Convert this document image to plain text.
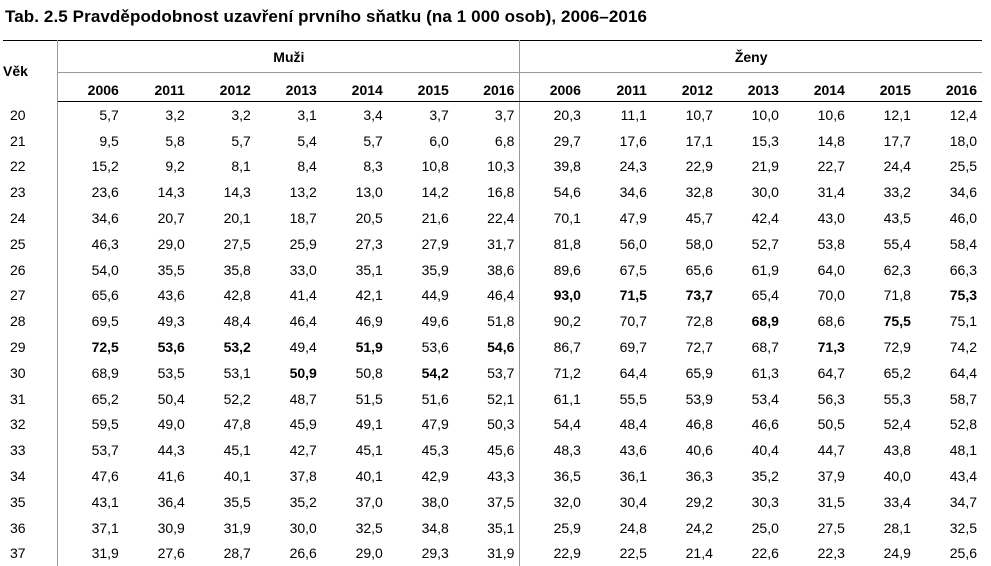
Tab. 2.5 Pravděpodobnost uzavření prvního sňatku (na 1 000 osob), 2006–2016
Věk	Muži							Ženy						
	2006	2011	2012	2013	2014	2015	2016	2006	2011	2012	2013	2014	2015	2016
20	5,7	3,2	3,2	3,1	3,4	3,7	3,7	20,3	11,1	10,7	10,0	10,6	12,1	12,4
21	9,5	5,8	5,7	5,4	5,7	6,0	6,8	29,7	17,6	17,1	15,3	14,8	17,7	18,0
22	15,2	9,2	8,1	8,4	8,3	10,8	10,3	39,8	24,3	22,9	21,9	22,7	24,4	25,5
23	23,6	14,3	14,3	13,2	13,0	14,2	16,8	54,6	34,6	32,8	30,0	31,4	33,2	34,6
24	34,6	20,7	20,1	18,7	20,5	21,6	22,4	70,1	47,9	45,7	42,4	43,0	43,5	46,0
25	46,3	29,0	27,5	25,9	27,3	27,9	31,7	81,8	56,0	58,0	52,7	53,8	55,4	58,4
26	54,0	35,5	35,8	33,0	35,1	35,9	38,6	89,6	67,5	65,6	61,9	64,0	62,3	66,3
27	65,6	43,6	42,8	41,4	42,1	44,9	46,4	93,0	71,5	73,7	65,4	70,0	71,8	75,3
28	69,5	49,3	48,4	46,4	46,9	49,6	51,8	90,2	70,7	72,8	68,9	68,6	75,5	75,1
29	72,5	53,6	53,2	49,4	51,9	53,6	54,6	86,7	69,7	72,7	68,7	71,3	72,9	74,2
30	68,9	53,5	53,1	50,9	50,8	54,2	53,7	71,2	64,4	65,9	61,3	64,7	65,2	64,4
31	65,2	50,4	52,2	48,7	51,5	51,6	52,1	61,1	55,5	53,9	53,4	56,3	55,3	58,7
32	59,5	49,0	47,8	45,9	49,1	47,9	50,3	54,4	48,4	46,8	46,6	50,5	52,4	52,8
33	53,7	44,3	45,1	42,7	45,1	45,3	45,6	48,3	43,6	40,6	40,4	44,7	43,8	48,1
34	47,6	41,6	40,1	37,8	40,1	42,9	43,3	36,5	36,1	36,3	35,2	37,9	40,0	43,4
35	43,1	36,4	35,5	35,2	37,0	38,0	37,5	32,0	30,4	29,2	30,3	31,5	33,4	34,7
36	37,1	30,9	31,9	30,0	32,5	34,8	35,1	25,9	24,8	24,2	25,0	27,5	28,1	32,5
37	31,9	27,6	28,7	26,6	29,0	29,3	31,9	22,9	22,5	21,4	22,6	22,3	24,9	25,6
